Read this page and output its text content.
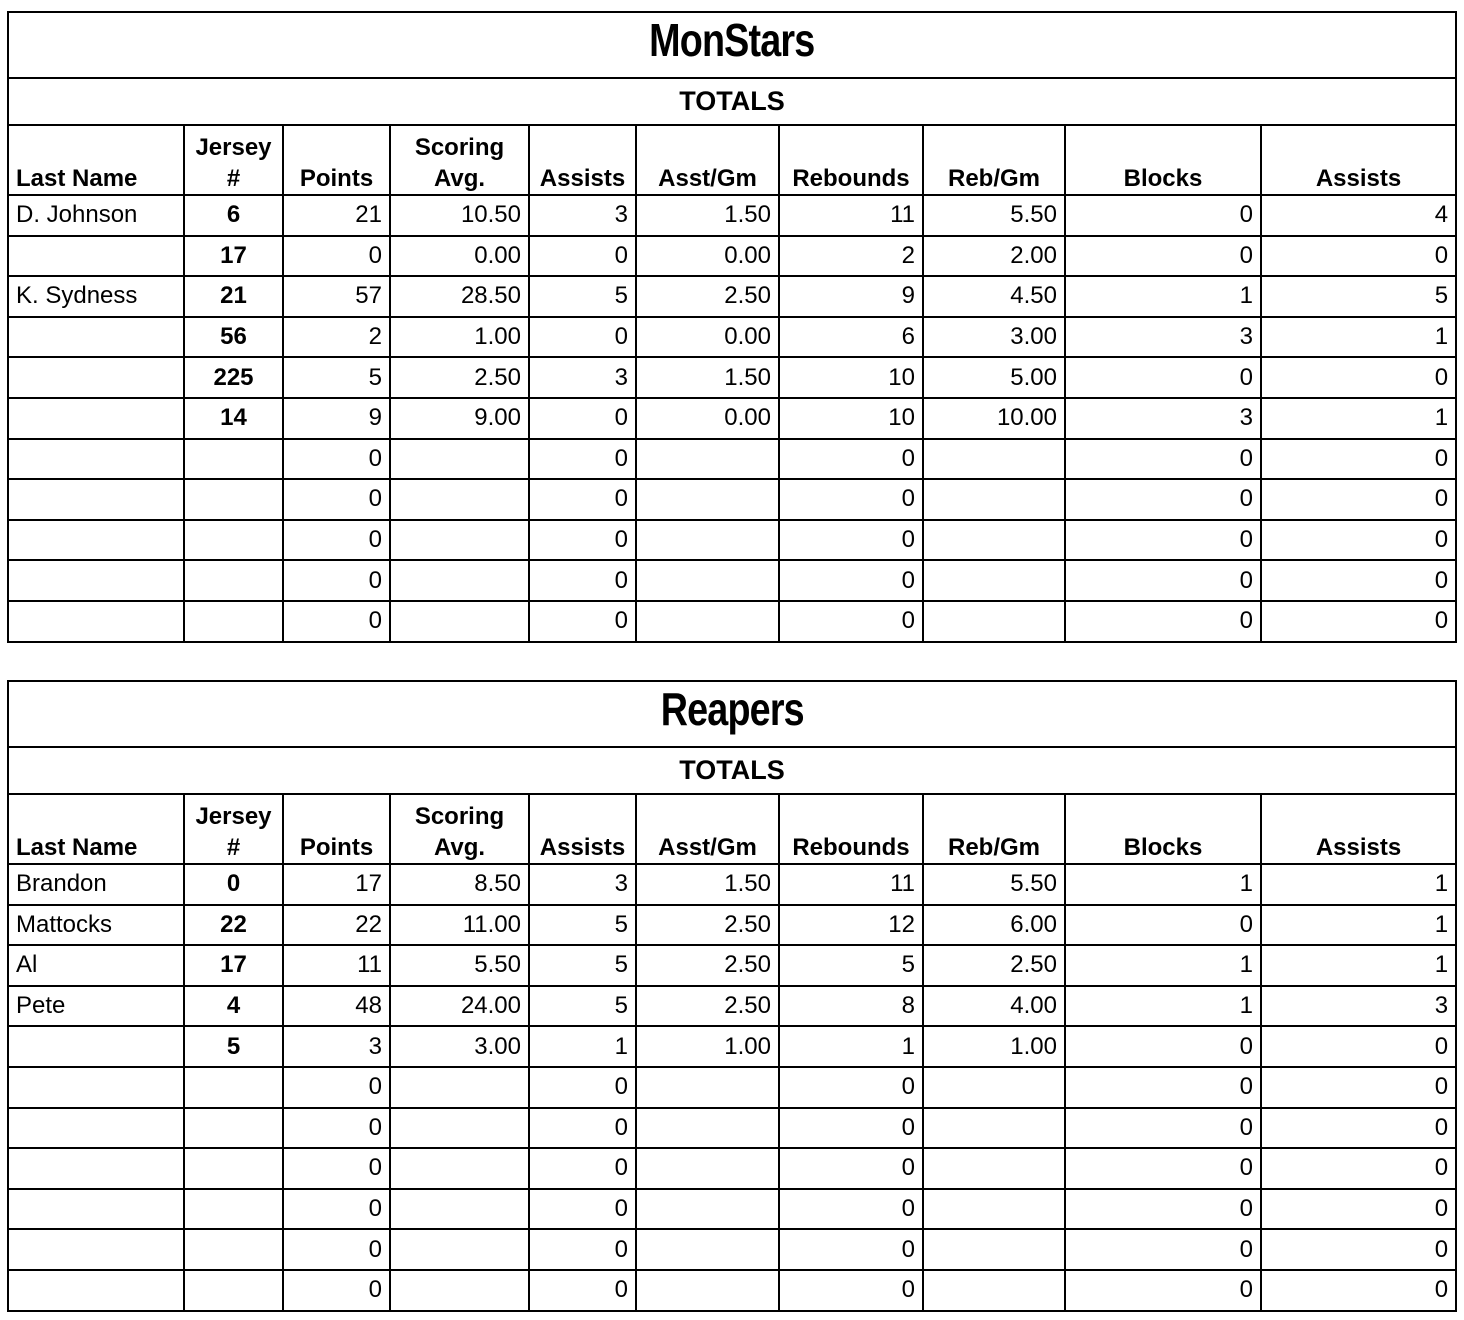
MonStars									
TOTALS									
Last Name	Jersey #	Points	Scoring Avg.	Assists	Asst/Gm	Rebounds	Reb/Gm	Blocks	Assists
D. Johnson	6	21	10.50	3	1.50	11	5.50	0	4
	17	0	0.00	0	0.00	2	2.00	0	0
K. Sydness	21	57	28.50	5	2.50	9	4.50	1	5
	56	2	1.00	0	0.00	6	3.00	3	1
	225	5	2.50	3	1.50	10	5.00	0	0
	14	9	9.00	0	0.00	10	10.00	3	1
		0		0		0		0	0
		0		0		0		0	0
		0		0		0		0	0
		0		0		0		0	0
		0		0		0		0	0
Reapers									
TOTALS									
Last Name	Jersey #	Points	Scoring Avg.	Assists	Asst/Gm	Rebounds	Reb/Gm	Blocks	Assists
Brandon	0	17	8.50	3	1.50	11	5.50	1	1
Mattocks	22	22	11.00	5	2.50	12	6.00	0	1
Al	17	11	5.50	5	2.50	5	2.50	1	1
Pete	4	48	24.00	5	2.50	8	4.00	1	3
	5	3	3.00	1	1.00	1	1.00	0	0
		0		0		0		0	0
		0		0		0		0	0
		0		0		0		0	0
		0		0		0		0	0
		0		0		0		0	0
		0		0		0		0	0
